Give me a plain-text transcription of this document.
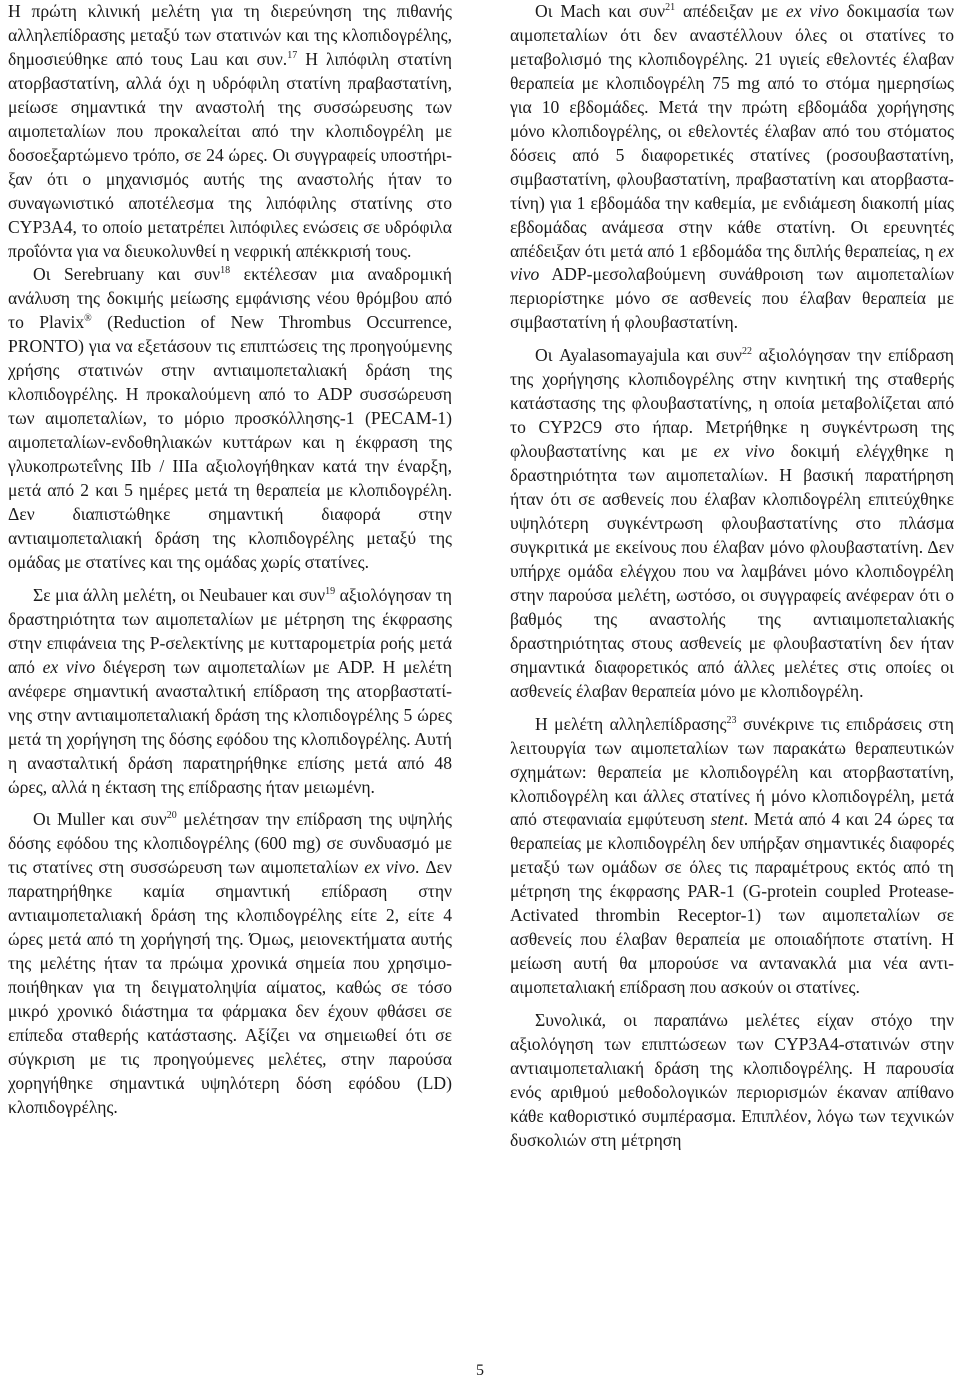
Η πρώτη κλινική μελέτη για τη διερεύνηση της πιθανής αλληλεπίδρασης μεταξύ των στατινών και της κλοπιδογρέλης, δημοσιεύθηκε από τους Lau και συν.$^{17}$ Η λιπόφιλη στατίνη ατορβαστατίνη, αλλά όχι η υδρόφιλη στατίνη πραβαστατίνη, μείωσε σημαντικά την αναστολή της συσσώρευσης των αιμοπεταλίων που προκαλείται από την κλοπιδογρέλη με δοσοεξαρτώμενο τρόπο, σε 24 ώρες. Οι συγγραφείς υποστήριξαν ότι ο μηχανισμός αυτής της αναστολής ήταν το συναγωνιστικό αποτέλεσμα της λιπόφιλης στατίνης στο CYP3A4, το οποίο μετατρέπει λιπόφιλες ενώσεις σε υδρόφιλα προΐόντα για να διευκολυνθεί η νεφρική απέκκρισή τους.

Οι Serebruany και συν$^{18}$ εκτέλεσαν μια αναδρομική ανάλυση της δοκιμής μείωσης εμφάνισης νέου θρόμβου από το Plavix® (Reduction of New Thrombus Occurrence, PRONTO) για να εξετάσουν τις επιπτώσεις της προηγούμενης χρήσης στατινών στην αντιαιμοπεταλιακή δράση της κλοπιδογρέλης. Η προκαλούμενη από το ADP συσσώρευση των αιμοπεταλίων, το μόριο προσκόλλησης-1 (PECAM-1) αιμοπεταλίων-ενδοθηλιακών κυττάρων και η έκφραση της γλυκοπρωτεΐνης IIb / IIIa αξιολογήθηκαν κατά την έναρξη, μετά από 2 και 5 ημέρες μετά τη θεραπεία με κλοπιδογρέλη. Δεν διαπιστώθηκε σημαντική διαφορά στην αντιαιμοπεταλιακή δράση της κλοπιδογρέλης μεταξύ της ομάδας με στατίνες και της ομάδας χωρίς στατίνες.

Σε μια άλλη μελέτη, οι Neubauer και συν$^{19}$ αξιολόγησαν τη δραστηριότητα των αιμοπεταλίων με μέτρηση της έκφρασης στην επιφάνεια της P-σελεκτίνης με κυτταρομετρία ροής μετά από ex vivo διέγερση των αιμοπεταλίων με ADP. Η μελέτη ανέφερε σημαντική ανασταλτική επίδραση της ατορβαστατίνης στην αντιαιμοπεταλιακή δράση της κλοπιδογρέλης 5 ώρες μετά τη χορήγηση της δόσης εφόδου της κλοπιδογρέλης. Αυτή η ανασταλτική δράση παρατηρήθηκε επίσης μετά από 48 ώρες, αλλά η έκταση της επίδρασης ήταν μειωμένη.

Οι Muller και συν$^{20}$ μελέτησαν την επίδραση της υψηλής δόσης εφόδου της κλοπιδογρέλης (600 mg) σε συνδυασμό με τις στατίνες στη συσσώρευση των αιμοπεταλίων ex vivo. Δεν παρατηρήθηκε καμία σημαντική επίδραση στην αντιαιμοπεταλιακή δράση της κλοπιδογρέλης είτε 2, είτε 4 ώρες μετά από τη χορήγησή της. Όμως, μειονεκτήματα αυτής της μελέτης ήταν τα πρώιμα χρονικά σημεία που χρησιμοποιήθηκαν για τη δειγματοληψία αίματος, καθώς σε τόσο μικρό χρονικό διάστημα τα φάρμακα δεν έχουν φθάσει σε επίπεδα σταθερής κατάστασης. Αξίζει να σημειωθεί ότι σε σύγκριση με τις προηγούμενες μελέτες, στην παρούσα χορηγήθηκε σημαντικά υψηλότερη δόση εφόδου (LD) κλοπιδογρέλης.

Οι Mach και συν$^{21}$ απέδειξαν με ex vivo δοκιμασία των αιμοπεταλίων ότι δεν αναστέλλουν όλες οι στατίνες το μεταβολισμό της κλοπιδογρέλης. 21 υγιείς εθελοντές έλαβαν θεραπεία με κλοπιδογρέλη 75 mg από το στόμα ημερησίως για 10 εβδομάδες. Μετά την πρώτη εβδομάδα χορήγησης μόνο κλοπιδογρέλης, οι εθελοντές έλαβαν από του στόματος δόσεις από 5 διαφορετικές στατίνες (ροσουβαστατίνη, σιμβαστατίνη, φλουβαστατίνη, πραβαστατίνη και ατορβαστατίνη) για 1 εβδομάδα την καθεμία, με ενδιάμεση διακοπή μίας εβδομάδας ανάμεσα στην κάθε στατίνη. Οι ερευνητές απέδειξαν ότι μετά από 1 εβδομάδα της διπλής θεραπείας, η ex vivo ADP-μεσολαβούμενη συνάθροιση των αιμοπεταλίων περιορίστηκε μόνο σε ασθενείς που έλαβαν θεραπεία με σιμβαστατίνη ή φλουβαστατίνη.

Οι Ayalasomayajula και συν$^{22}$ αξιολόγησαν την επίδραση της χορήγησης κλοπιδογρέλης στην κινητική της σταθερής κατάστασης της φλουβαστατίνης, η οποία μεταβολίζεται από το CYP2C9 στο ήπαρ. Μετρήθηκε η συγκέντρωση της φλουβαστατίνης και με ex vivo δοκιμή ελέγχθηκε η δραστηριότητα των αιμοπεταλίων. Η βασική παρατήρηση ήταν ότι σε ασθενείς που έλαβαν κλοπιδογρέλη επιτεύχθηκε υψηλότερη συγκέντρωση φλουβαστατίνης στο πλάσμα συγκριτικά με εκείνους που έλαβαν μόνο φλουβαστατίνη. Δεν υπήρχε ομάδα ελέγχου που να λαμβάνει μόνο κλοπιδογρέλη στην παρούσα μελέτη, ωστόσο, οι συγγραφείς ανέφεραν ότι ο βαθμός της αναστολής της αντιαιμοπεταλιακής δραστηριότητας στους ασθενείς με φλουβαστατίνη δεν ήταν σημαντικά διαφορετικός από άλλες μελέτες στις οποίες οι ασθενείς έλαβαν θεραπεία μόνο με κλοπιδογρέλη.

Η μελέτη αλληλεπίδρασης$^{23}$ συνέκρινε τις επιδράσεις στη λειτουργία των αιμοπεταλίων των παρακάτω θεραπευτικών σχημάτων: θεραπεία με κλοπιδογρέλη και ατορβαστατίνη, κλοπιδογρέλη και άλλες στατίνες ή μόνο κλοπιδογρέλη, μετά από στεφανιαία εμφύτευση stent. Μετά από 4 και 24 ώρες τα θεραπείας με κλοπιδογρέλη δεν υπήρξαν σημαντικές διαφορές μεταξύ των ομάδων σε όλες τις παραμέτρους εκτός από τη μέτρηση της έκφρασης PAR-1 (G-protein coupled Protease-Activated thrombin Receptor-1) των αιμοπεταλίων σε ασθενείς που έλαβαν θεραπεία με οποιαδήποτε στατίνη. Η μείωση αυτή θα μπορούσε να αντανακλά μια νέα αντι-αιμοπεταλιακή επίδραση που ασκούν οι στατίνες.

Συνολικά, οι παραπάνω μελέτες είχαν στόχο την αξιολόγηση των επιπτώσεων των CYP3A4-στατινών στην αντιαιμοπεταλιακή δράση της κλοπιδογρέλης. Η παρουσία ενός αριθμού μεθοδολογικών περιορισμών έκαναν απίθανο κάθε καθοριστικό συμπέρασμα. Επιπλέον, λόγω των τεχνικών δυσκολιών στη μέτρηση

5
